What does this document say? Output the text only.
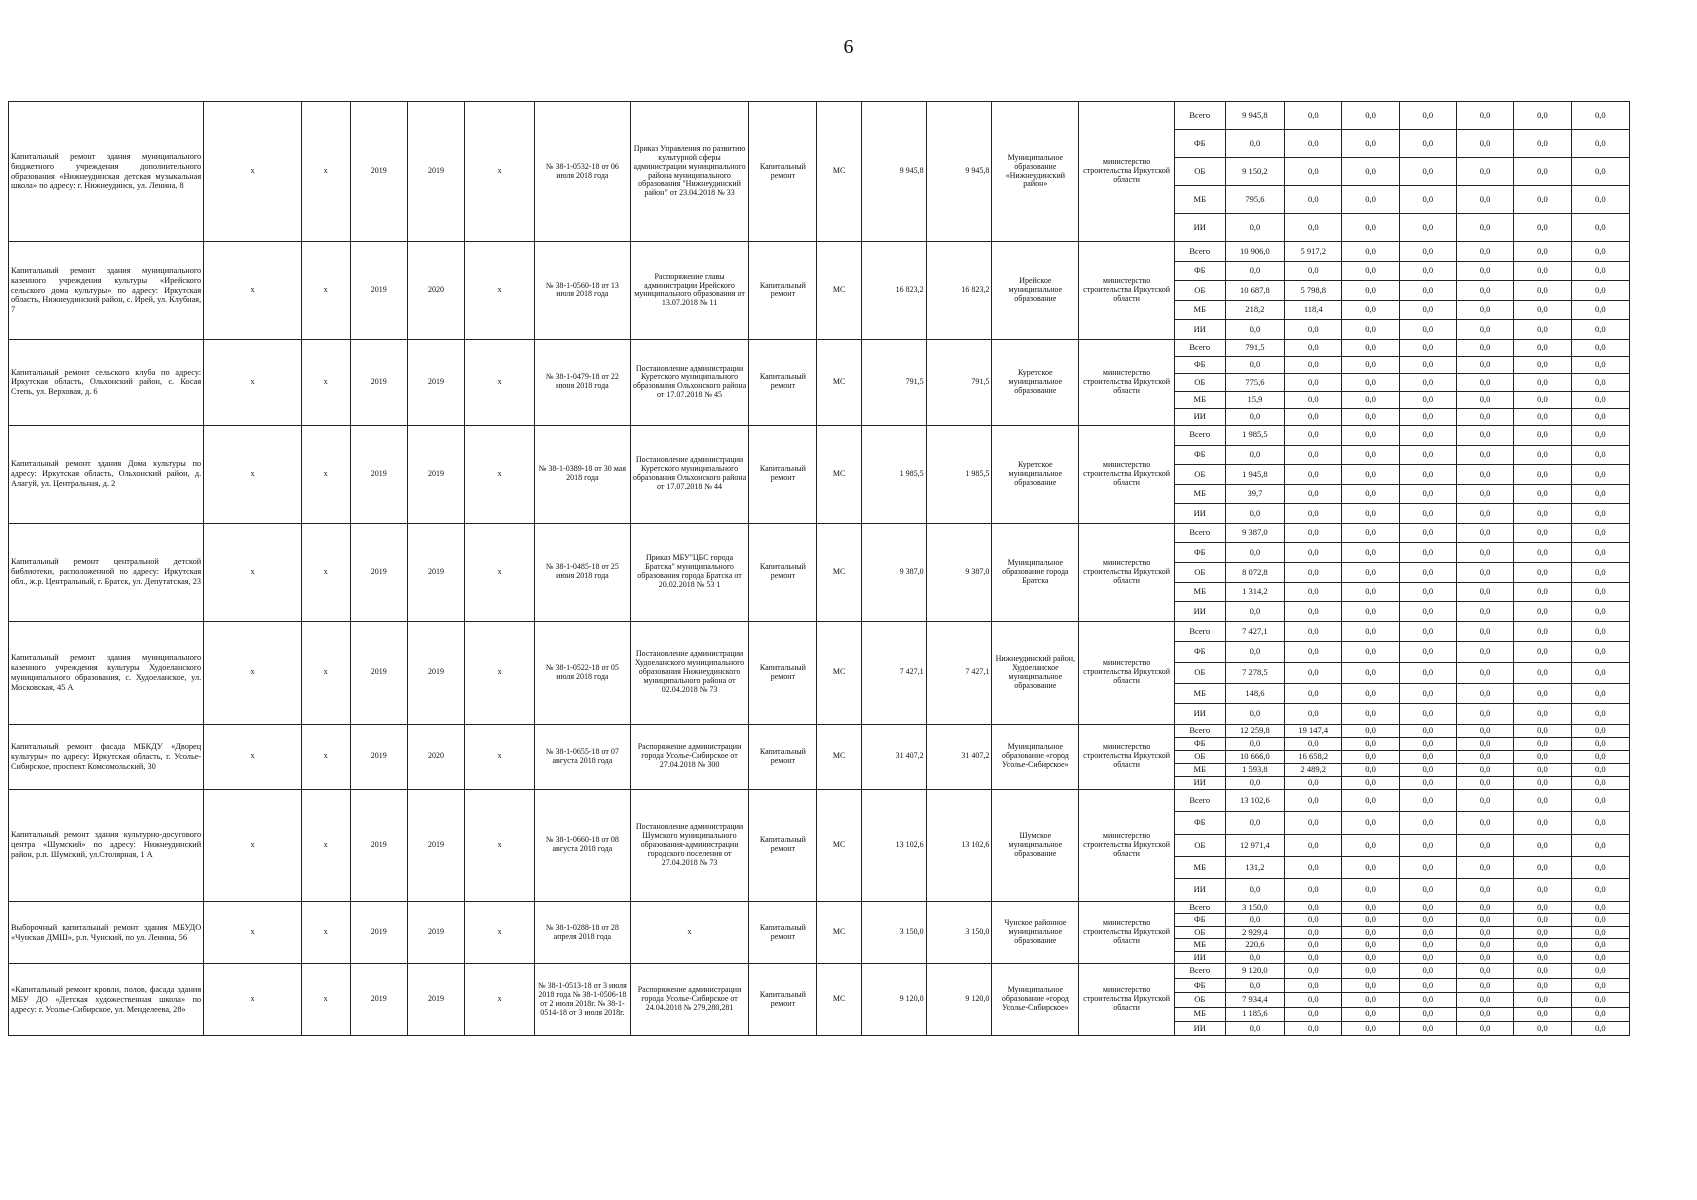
6
Капитальный ремонт здания муниципального бюджетного учреждения дополнительного образования «Нижнеудинская детская музыкальная школа» по адресу: г. Нижнеудинск, ул. Ленина, 8	х	х	2019	2019	х	№ 38-1-0532-18 от 06 июля 2018 года	Приказ Управления по развитию культурной сферы администрации муниципального района муниципального образования "Нижнеудинский район" от 23.04.2018 № 33	Капитальный ремонт	МС	9 945,8	9 945,8	Муниципальное образование «Нижнеудинский район»	министерство строительства Иркутской области	Всего	9 945,8	0,0	0,0	0,0	0,0	0,0	0,0
														ФБ	0,0	0,0	0,0	0,0	0,0	0,0	0,0
														ОБ	9 150,2	0,0	0,0	0,0	0,0	0,0	0,0
														МБ	795,6	0,0	0,0	0,0	0,0	0,0	0,0
														ИИ	0,0	0,0	0,0	0,0	0,0	0,0	0,0
Капитальный ремонт здания муниципального казенного учреждения культуры «Ирейского сельского дома культуры» по адресу: Иркутская область, Нижнеудинский район, с. Ирей, ул. Клубная, 7	х	х	2019	2020	х	№ 38-1-0560-18 от 13 июля 2018 года	Распоряжение главы администрации Ирейского муниципального образования от 13.07.2018 № 11	Капитальный ремонт	МС	16 823,2	16 823,2	Ирейское муниципальное образование	министерство строительства Иркутской области	Всего	10 906,0	5 917,2	0,0	0,0	0,0	0,0	0,0
														ФБ	0,0	0,0	0,0	0,0	0,0	0,0	0,0
														ОБ	10 687,8	5 798,8	0,0	0,0	0,0	0,0	0,0
														МБ	218,2	118,4	0,0	0,0	0,0	0,0	0,0
														ИИ	0,0	0,0	0,0	0,0	0,0	0,0	0,0
Капитальный ремонт сельского клуба по адресу: Иркутская область, Ольхонский район, с. Косая Степь, ул. Верховая, д. 6	х	х	2019	2019	х	№ 38-1-0479-18 от 22 июня 2018 года	Постановление администрации Куретского муниципального образования Ольхонского района от 17.07.2018 № 45	Капитальный ремонт	МС	791,5	791,5	Куретское муниципальное образование	министерство строительства Иркутской области	Всего	791,5	0,0	0,0	0,0	0,0	0,0	0,0
														ФБ	0,0	0,0	0,0	0,0	0,0	0,0	0,0
														ОБ	775,6	0,0	0,0	0,0	0,0	0,0	0,0
														МБ	15,9	0,0	0,0	0,0	0,0	0,0	0,0
														ИИ	0,0	0,0	0,0	0,0	0,0	0,0	0,0
Капитальный ремонт здания Дома культуры по адресу: Иркутская область, Ольхонский район, д. Алагуй, ул. Центральная, д. 2	х	х	2019	2019	х	№ 38-1-0389-18 от 30 мая 2018 года	Постановление администрации Куретского муниципального образования Ольхонского района от 17.07.2018 № 44	Капитальный ремонт	МС	1 985,5	1 985,5	Куретское муниципальное образование	министерство строительства Иркутской области	Всего	1 985,5	0,0	0,0	0,0	0,0	0,0	0,0
														ФБ	0,0	0,0	0,0	0,0	0,0	0,0	0,0
														ОБ	1 945,8	0,0	0,0	0,0	0,0	0,0	0,0
														МБ	39,7	0,0	0,0	0,0	0,0	0,0	0,0
														ИИ	0,0	0,0	0,0	0,0	0,0	0,0	0,0
Капитальный ремонт центральной детской библиотеки, расположенной по адресу: Иркутская обл., ж.р. Центральный, г. Братск, ул. Депутатская, 23	х	х	2019	2019	х	№ 38-1-0485-18 от 25 июня 2018 года	Приказ МБУ"ЦБС города Братска" муниципального образования города Братска от 20.02.2018 № 53 1	Капитальный ремонт	МС	9 387,0	9 387,0	Муниципальное образование города Братска	министерство строительства Иркутской области	Всего	9 387,0	0,0	0,0	0,0	0,0	0,0	0,0
														ФБ	0,0	0,0	0,0	0,0	0,0	0,0	0,0
														ОБ	8 072,8	0,0	0,0	0,0	0,0	0,0	0,0
														МБ	1 314,2	0,0	0,0	0,0	0,0	0,0	0,0
														ИИ	0,0	0,0	0,0	0,0	0,0	0,0	0,0
Капитальный ремонт здания муниципального казенного учреждения культуры Худоеланского муниципального образования, с. Худоеланское, ул. Московская, 45 А	х	х	2019	2019	х	№ 38-1-0522-18 от 05 июля 2018 года	Постановление администрации Худоеланского муниципального образования Нижнеудинского муниципального района от 02.04.2018 № 73	Капитальный ремонт	МС	7 427,1	7 427,1	Нижнеудинский район, Худоеланское муниципальное образование	министерство строительства Иркутской области	Всего	7 427,1	0,0	0,0	0,0	0,0	0,0	0,0
														ФБ	0,0	0,0	0,0	0,0	0,0	0,0	0,0
														ОБ	7 278,5	0,0	0,0	0,0	0,0	0,0	0,0
														МБ	148,6	0,0	0,0	0,0	0,0	0,0	0,0
														ИИ	0,0	0,0	0,0	0,0	0,0	0,0	0,0
Капитальный ремонт фасада МБКДУ «Дворец культуры» по адресу: Иркутская область, г. Усолье-Сибирское, проспект Комсомольский, 30	х	х	2019	2020	х	№ 38-1-0655-18 от 07 августа 2018 года	Распоряжение администрации города Усолье-Сибирское от 27.04.2018 № 300	Капитальный ремонт	МС	31 407,2	31 407,2	Муниципальное образование «город Усолье-Сибирское»	министерство строительства Иркутской области	Всего	12 259,8	19 147,4	0,0	0,0	0,0	0,0	0,0
														ФБ	0,0	0,0	0,0	0,0	0,0	0,0	0,0
														ОБ	10 666,0	16 658,2	0,0	0,0	0,0	0,0	0,0
														МБ	1 593,8	2 489,2	0,0	0,0	0,0	0,0	0,0
														ИИ	0,0	0,0	0,0	0,0	0,0	0,0	0,0
Капитальный ремонт здания культурно-досугового центра «Шумский» по адресу: Нижнеудинский район, р.п. Шумский, ул.Столярная, 1 А	х	х	2019	2019	х	№ 38-1-0660-18 от 08 августа 2018 года	Постановление администрации Шумского муниципального образования-администрации городского поселения от 27.04.2018 № 73	Капитальный ремонт	МС	13 102,6	13 102,6	Шумское муниципальное образование	министерство строительства Иркутской области	Всего	13 102,6	0,0	0,0	0,0	0,0	0,0	0,0
														ФБ	0,0	0,0	0,0	0,0	0,0	0,0	0,0
														ОБ	12 971,4	0,0	0,0	0,0	0,0	0,0	0,0
														МБ	131,2	0,0	0,0	0,0	0,0	0,0	0,0
														ИИ	0,0	0,0	0,0	0,0	0,0	0,0	0,0
Выборочный капитальный ремонт здания МБУДО «Чунская ДМШ», р.п. Чунский, по ул. Ленина, 56	х	х	2019	2019	х	№ 38-1-0288-18 от 28 апреля 2018 года	х	Капитальный ремонт	МС	3 150,0	3 150,0	Чунское районное муниципальное образование	министерство строительства Иркутской области	Всего	3 150,0	0,0	0,0	0,0	0,0	0,0	0,0
														ФБ	0,0	0,0	0,0	0,0	0,0	0,0	0,0
														ОБ	2 929,4	0,0	0,0	0,0	0,0	0,0	0,0
														МБ	220,6	0,0	0,0	0,0	0,0	0,0	0,0
														ИИ	0,0	0,0	0,0	0,0	0,0	0,0	0,0
«Капитальный ремонт кровли, полов, фасада здания МБУ ДО «Детская художественная школа» по адресу: г. Усолье-Сибирское, ул. Менделеева, 28»	х	х	2019	2019	х	№ 38-1-0513-18 от 3 июля 2018 года № 38-1-0506-18 от 2 июля 2018г. № 38-1-0514-18 от 3 июля 2018г.	Распоряжение администрации города Усолье-Сибирское от 24.04.2018 № 279,280,281	Капитальный ремонт	МС	9 120,0	9 120,0	Муниципальное образование «город Усолье-Сибирское»	министерство строительства Иркутской области	Всего	9 120,0	0,0	0,0	0,0	0,0	0,0	0,0
														ФБ	0,0	0,0	0,0	0,0	0,0	0,0	0,0
														ОБ	7 934,4	0,0	0,0	0,0	0,0	0,0	0,0
														МБ	1 185,6	0,0	0,0	0,0	0,0	0,0	0,0
														ИИ	0,0	0,0	0,0	0,0	0,0	0,0	0,0
